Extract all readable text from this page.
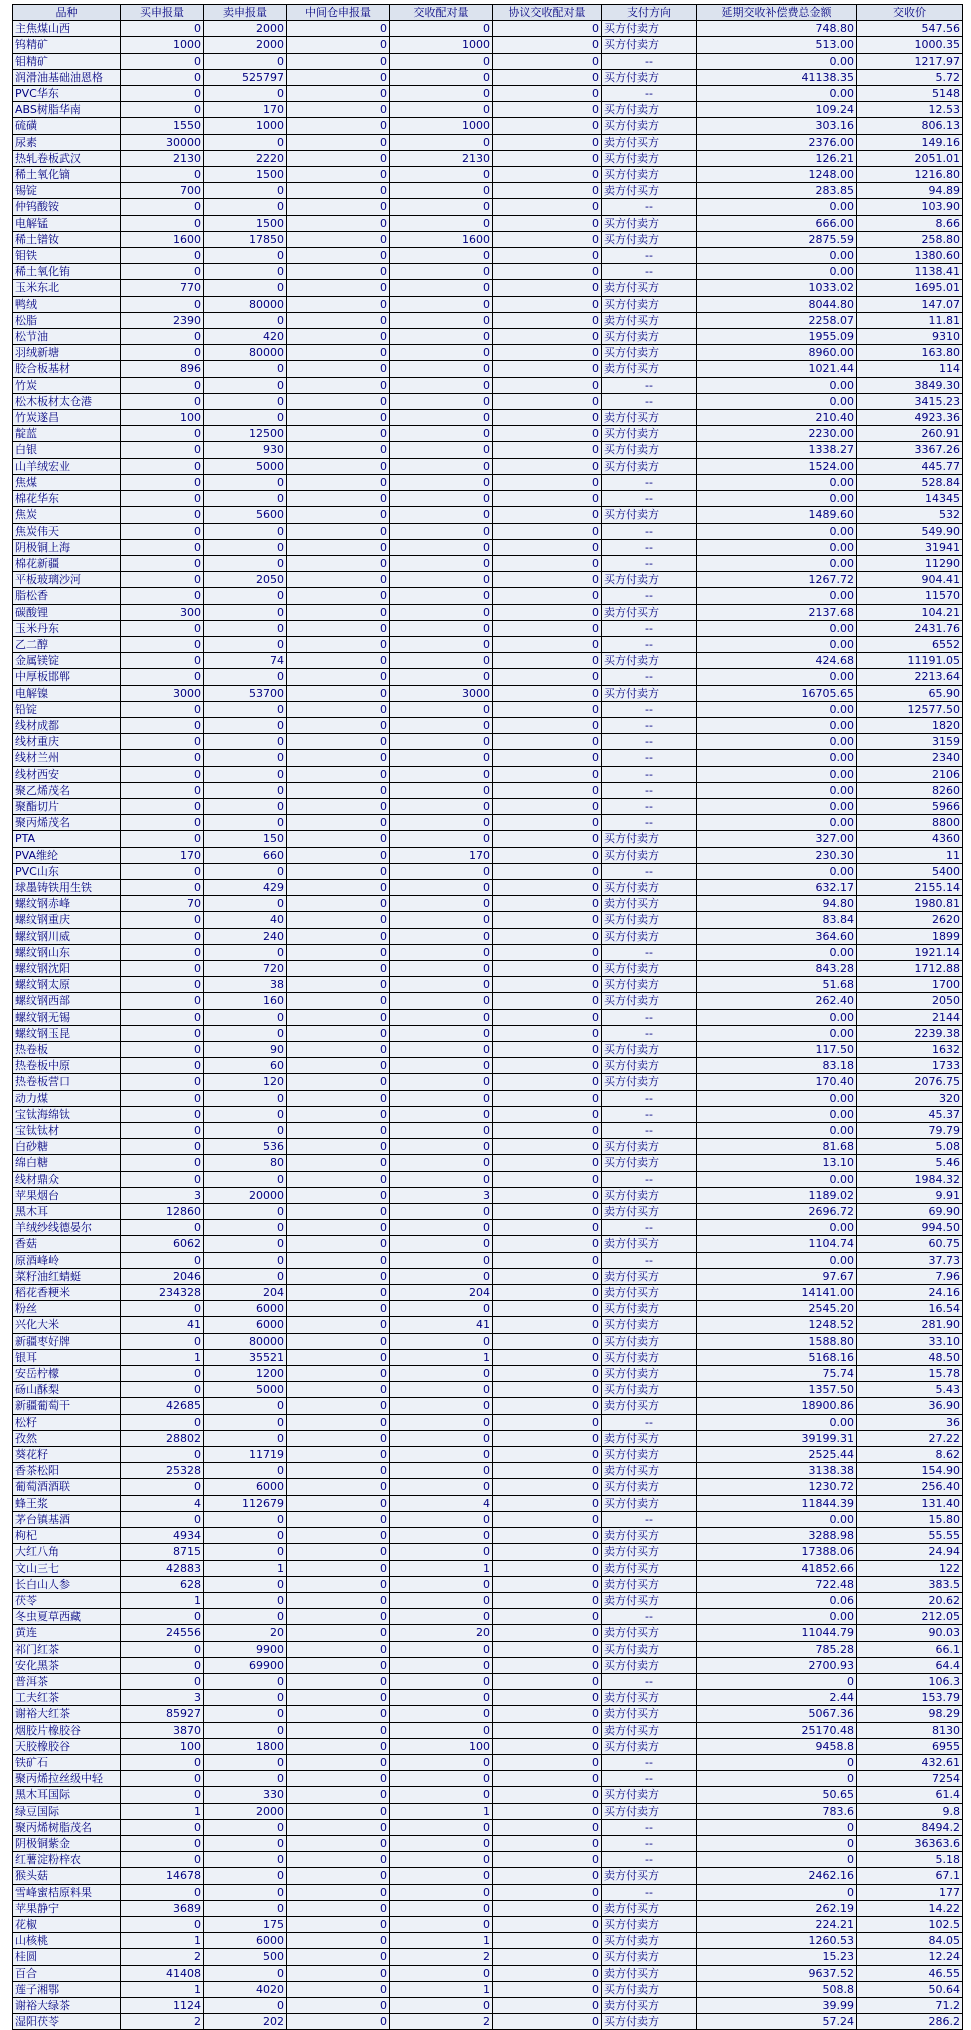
品种	买申报量	卖申报量	中间仓申报量	交收配对量	协议交收配对量	支付方向	延期交收补偿费总金额	交收价
主焦煤山西	0	2000	0	0	0	买方付卖方	748.80	547.56
钨精矿	1000	2000	0	1000	0	买方付卖方	513.00	1000.35
钼精矿	0	0	0	0	0	--	0.00	1217.97
润滑油基础油恩格	0	525797	0	0	0	买方付卖方	41138.35	5.72
PVC华东	0	0	0	0	0	--	0.00	5148
ABS树脂华南	0	170	0	0	0	买方付卖方	109.24	12.53
硫磺	1550	1000	0	1000	0	买方付卖方	303.16	806.13
尿素	30000	0	0	0	0	卖方付买方	2376.00	149.16
热轧卷板武汉	2130	2220	0	2130	0	买方付卖方	126.21	2051.01
稀土氧化镝	0	1500	0	0	0	买方付卖方	1248.00	1216.80
锡锭	700	0	0	0	0	卖方付买方	283.85	94.89
仲钨酸铵	0	0	0	0	0	--	0.00	103.90
电解锰	0	1500	0	0	0	买方付卖方	666.00	8.66
稀土镨钕	1600	17850	0	1600	0	买方付卖方	2875.59	258.80
钼铁	0	0	0	0	0	--	0.00	1380.60
稀土氧化铕	0	0	0	0	0	--	0.00	1138.41
玉米东北	770	0	0	0	0	卖方付买方	1033.02	1695.01
鸭绒	0	80000	0	0	0	买方付卖方	8044.80	147.07
松脂	2390	0	0	0	0	卖方付买方	2258.07	11.81
松节油	0	420	0	0	0	买方付卖方	1955.09	9310
羽绒新塘	0	80000	0	0	0	买方付卖方	8960.00	163.80
胶合板基材	896	0	0	0	0	卖方付买方	1021.44	114
竹炭	0	0	0	0	0	--	0.00	3849.30
松木板材太仓港	0	0	0	0	0	--	0.00	3415.23
竹炭遂昌	100	0	0	0	0	卖方付买方	210.40	4923.36
靛蓝	0	12500	0	0	0	买方付卖方	2230.00	260.91
白银	0	930	0	0	0	买方付卖方	1338.27	3367.26
山羊绒宏业	0	5000	0	0	0	买方付卖方	1524.00	445.77
焦煤	0	0	0	0	0	--	0.00	528.84
棉花华东	0	0	0	0	0	--	0.00	14345
焦炭	0	5600	0	0	0	买方付卖方	1489.60	532
焦炭伟天	0	0	0	0	0	--	0.00	549.90
阴极铜上海	0	0	0	0	0	--	0.00	31941
棉花新疆	0	0	0	0	0	--	0.00	11290
平板玻璃沙河	0	2050	0	0	0	买方付卖方	1267.72	904.41
脂松香	0	0	0	0	0	--	0.00	11570
碳酸锂	300	0	0	0	0	卖方付买方	2137.68	104.21
玉米丹东	0	0	0	0	0	--	0.00	2431.76
乙二醇	0	0	0	0	0	--	0.00	6552
金属镁锭	0	74	0	0	0	买方付卖方	424.68	11191.05
中厚板邯郸	0	0	0	0	0	--	0.00	2213.64
电解镍	3000	53700	0	3000	0	买方付卖方	16705.65	65.90
铅锭	0	0	0	0	0	--	0.00	12577.50
线材成都	0	0	0	0	0	--	0.00	1820
线材重庆	0	0	0	0	0	--	0.00	3159
线材兰州	0	0	0	0	0	--	0.00	2340
线材西安	0	0	0	0	0	--	0.00	2106
聚乙烯茂名	0	0	0	0	0	--	0.00	8260
聚酯切片	0	0	0	0	0	--	0.00	5966
聚丙烯茂名	0	0	0	0	0	--	0.00	8800
PTA	0	150	0	0	0	买方付卖方	327.00	4360
PVA维纶	170	660	0	170	0	买方付卖方	230.30	11
PVC山东	0	0	0	0	0	--	0.00	5400
球墨铸铁用生铁	0	429	0	0	0	买方付卖方	632.17	2155.14
螺纹钢赤峰	70	0	0	0	0	卖方付买方	94.80	1980.81
螺纹钢重庆	0	40	0	0	0	买方付卖方	83.84	2620
螺纹钢川威	0	240	0	0	0	买方付卖方	364.60	1899
螺纹钢山东	0	0	0	0	0	--	0.00	1921.14
螺纹钢沈阳	0	720	0	0	0	买方付卖方	843.28	1712.88
螺纹钢太原	0	38	0	0	0	买方付卖方	51.68	1700
螺纹钢西部	0	160	0	0	0	买方付卖方	262.40	2050
螺纹钢无锡	0	0	0	0	0	--	0.00	2144
螺纹钢玉昆	0	0	0	0	0	--	0.00	2239.38
热卷板	0	90	0	0	0	买方付卖方	117.50	1632
热卷板中原	0	60	0	0	0	买方付卖方	83.18	1733
热卷板营口	0	120	0	0	0	买方付卖方	170.40	2076.75
动力煤	0	0	0	0	0	--	0.00	320
宝钛海绵钛	0	0	0	0	0	--	0.00	45.37
宝钛钛材	0	0	0	0	0	--	0.00	79.79
白砂糖	0	536	0	0	0	买方付卖方	81.68	5.08
绵白糖	0	80	0	0	0	买方付卖方	13.10	5.46
线材鼎众	0	0	0	0	0	--	0.00	1984.32
苹果烟台	3	20000	0	3	0	买方付卖方	1189.02	9.91
黑木耳	12860	0	0	0	0	卖方付买方	2696.72	69.90
羊绒纱线德晏尔	0	0	0	0	0	--	0.00	994.50
香菇	6062	0	0	0	0	卖方付买方	1104.74	60.75
原酒峰岭	0	0	0	0	0	--	0.00	37.73
菜籽油红蜻蜓	2046	0	0	0	0	卖方付买方	97.67	7.96
稻花香粳米	234328	204	0	204	0	卖方付买方	14141.00	24.16
粉丝	0	6000	0	0	0	买方付卖方	2545.20	16.54
兴化大米	41	6000	0	41	0	买方付卖方	1248.52	281.90
新疆枣好牌	0	80000	0	0	0	买方付卖方	1588.80	33.10
银耳	1	35521	0	1	0	买方付卖方	5168.16	48.50
安岳柠檬	0	1200	0	0	0	买方付卖方	75.74	15.78
砀山酥梨	0	5000	0	0	0	买方付卖方	1357.50	5.43
新疆葡萄干	42685	0	0	0	0	卖方付买方	18900.86	36.90
松籽	0	0	0	0	0	--	0.00	36
孜然	28802	0	0	0	0	卖方付买方	39199.31	27.22
葵花籽	0	11719	0	0	0	买方付卖方	2525.44	8.62
香茶松阳	25328	0	0	0	0	卖方付买方	3138.38	154.90
葡萄酒酒联	0	6000	0	0	0	买方付卖方	1230.72	256.40
蜂王浆	4	112679	0	4	0	买方付卖方	11844.39	131.40
茅台镇基酒	0	0	0	0	0	--	0.00	15.80
枸杞	4934	0	0	0	0	卖方付买方	3288.98	55.55
大红八角	8715	0	0	0	0	卖方付买方	17388.06	24.94
文山三七	42883	1	0	1	0	卖方付买方	41852.66	122
长白山人参	628	0	0	0	0	卖方付买方	722.48	383.5
茯苓	1	0	0	0	0	卖方付买方	0.06	20.62
冬虫夏草西藏	0	0	0	0	0	--	0.00	212.05
黄连	24556	20	0	20	0	卖方付买方	11044.79	90.03
祁门红茶	0	9900	0	0	0	买方付卖方	785.28	66.1
安化黑茶	0	69900	0	0	0	买方付卖方	2700.93	64.4
普洱茶	0	0	0	0	0	--	0	106.3
工夫红茶	3	0	0	0	0	卖方付买方	2.44	153.79
谢裕大红茶	85927	0	0	0	0	卖方付买方	5067.36	98.29
烟胶片橡胶谷	3870	0	0	0	0	卖方付买方	25170.48	8130
天胶橡胶谷	100	1800	0	100	0	买方付卖方	9458.8	6955
铁矿石	0	0	0	0	0	--	0	432.61
聚丙烯拉丝级中轻	0	0	0	0	0	--	0	7254
黑木耳国际	0	330	0	0	0	买方付卖方	50.65	61.4
绿豆国际	1	2000	0	1	0	买方付卖方	783.6	9.8
聚丙烯树脂茂名	0	0	0	0	0	--	0	8494.2
阴极铜紫金	0	0	0	0	0	--	0	36363.6
红薯淀粉梓农	0	0	0	0	0	--	0	5.18
猴头菇	14678	0	0	0	0	卖方付买方	2462.16	67.1
雪峰蜜桔原料果	0	0	0	0	0	--	0	177
苹果静宁	3689	0	0	0	0	卖方付买方	262.19	14.22
花椒	0	175	0	0	0	买方付卖方	224.21	102.5
山核桃	1	6000	0	1	0	买方付卖方	1260.53	84.05
桂圆	2	500	0	2	0	买方付卖方	15.23	12.24
百合	41408	0	0	0	0	卖方付买方	9637.52	46.55
莲子湘鄂	1	4020	0	1	0	买方付卖方	508.8	50.64
谢裕大绿茶	1124	0	0	0	0	卖方付买方	39.99	71.2
湿阳茯苓	2	202	0	2	0	买方付卖方	57.24	286.2
